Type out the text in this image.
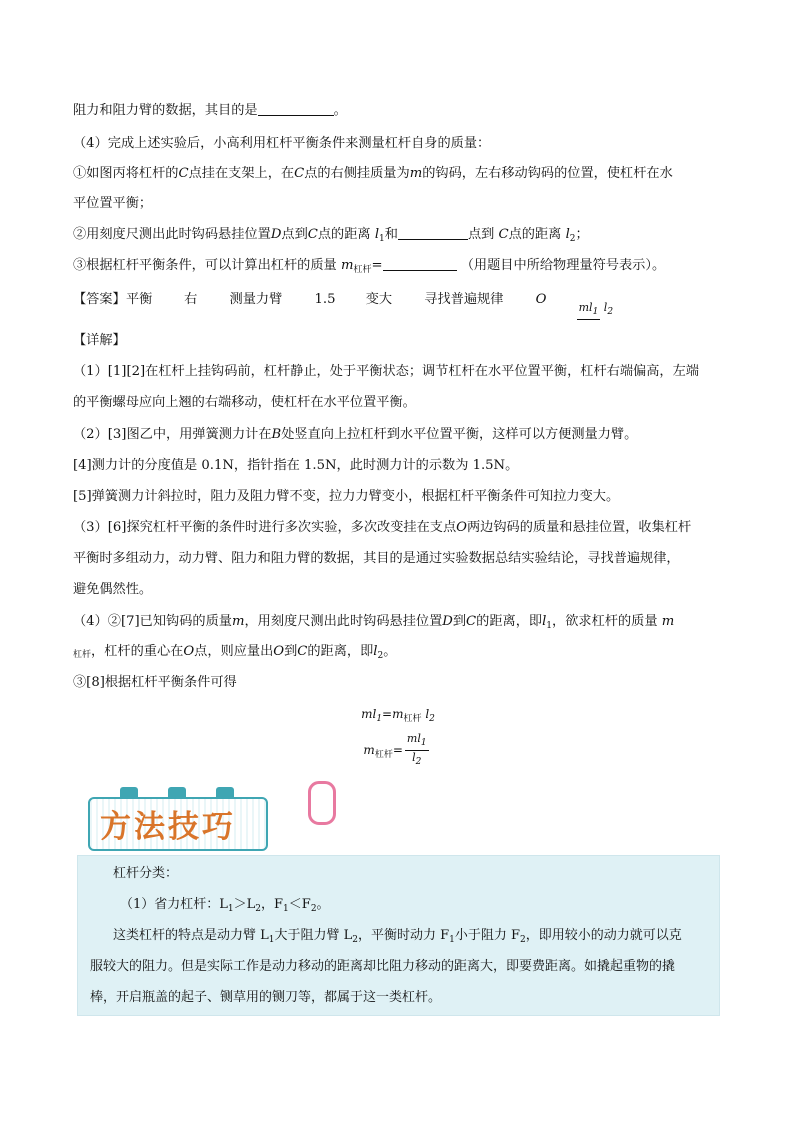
阻力和阻力臂的数据，其目的是	。
（4）完成上述实验后，小高利用杠杆平衡条件来测量杠杆自身的质量：
①如图丙将杠杆的C点挂在支架上，在C点的右侧挂质量为m的钩码，左右移动钩码的位置，使杠杆在水
平位置平衡；
②用刻度尺测出此时钩码悬挂位置D点到C点的距离 $l_1$和	点到 C点的距离 $l_2$；
③根据杠杆平衡条件，可以计算出杠杆的质量 $m_{杠杆}=$	（用题目中所给物理量符号表示）。
【答案】 平衡 右 测量力臂 1.5 变大 寻找普遍规律 O $ml_1$ $l_2$
【详解】
（1）[1][2]在杠杆上挂钩码前，杠杆静止，处于平衡状态；调节杠杆在水平位置平衡，杠杆右端偏高，左端
的平衡螺母应向上翘的右端移动，使杠杆在水平位置平衡。
（2）[3]图乙中，用弹簧测力计在B处竖直向上拉杠杆到水平位置平衡，这样可以方便测量力臂。
[4]测力计的分度值是 0.1N，指针指在 1.5N，此时测力计的示数为 1.5N。
[5]弹簧测力计斜拉时，阻力及阻力臂不变，拉力力臂变小，根据杠杆平衡条件可知拉力变大。
（3）[6]探究杠杆平衡的条件时进行多次实验，多次改变挂在支点O两边钩码的质量和悬挂位置，收集杠杆
平衡时多组动力，动力臂、阻力和阻力臂的数据，其目的是通过实验数据总结实验结论，寻找普遍规律，
避免偶然性。
（4）②[7]已知钩码的质量m，用刻度尺测出此时钩码悬挂位置D到C的距离，即$l_1$，欲求杠杆的质量 m
$_{杠杆}$，杠杆的重心在O点，则应量出O到C的距离，即$l_2$。
③[8]根据杠杆平衡条件可得
$ml_1=m_{杠杆}$ $l_2$
$m_{杠杆}= \frac{ml_1}{l_2}$
方法技巧
杠杆分类：
（1）省力杠杆：$L_1>L_2$，$F_1<F_2$。
这类杠杆的特点是动力臂 $L_1$大于阻力臂 $L_2$，平衡时动力 $F_1$小于阻力 $F_2$，即用较小的动力就可以克
服较大的阻力。但是实际工作是动力移动的距离却比阻力移动的距离大，即要费距离。如撬起重物的撬
棒，开启瓶盖的起子、铡草用的铡刀等，都属于这一类杠杆。
